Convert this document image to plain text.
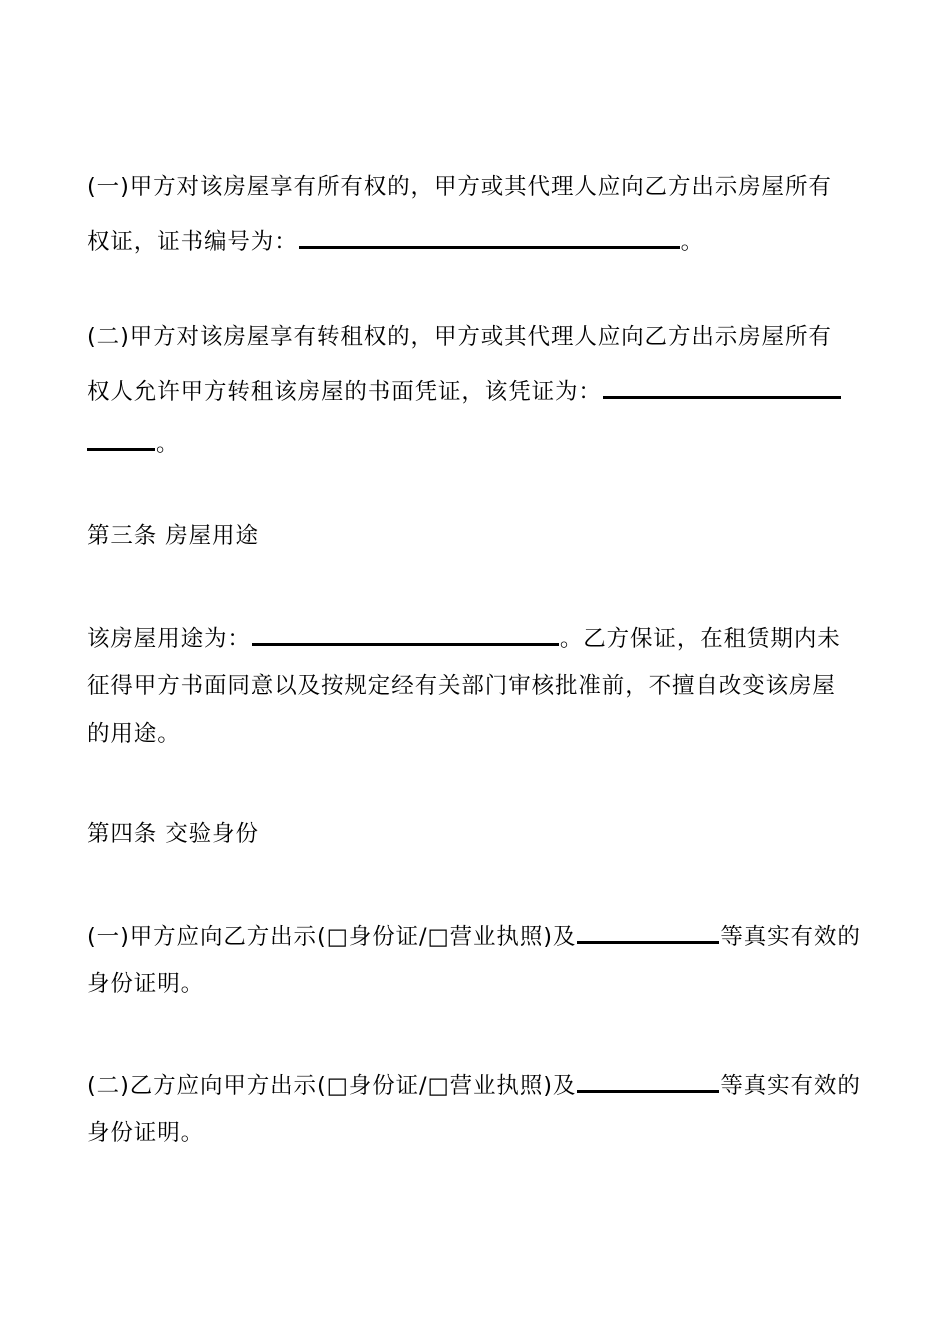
(一)甲方对该房屋享有所有权的，甲方或其代理人应向乙方出示房屋所有
权证，证书编号为：	。
(二)甲方对该房屋享有转租权的，甲方或其代理人应向乙方出示房屋所有
权人允许甲方转租该房屋的书面凭证，该凭证为：
。
第三条 房屋用途
该房屋用途为：	。乙方保证，在租赁期内未
征得甲方书面同意以及按规定经有关部门审核批准前，不擅自改变该房屋
的用途。
第四条 交验身份
(一)甲方应向乙方出示(□身份证/□营业执照)及	等真实有效的
身份证明。
(二)乙方应向甲方出示(□身份证/□营业执照)及	等真实有效的
身份证明。
